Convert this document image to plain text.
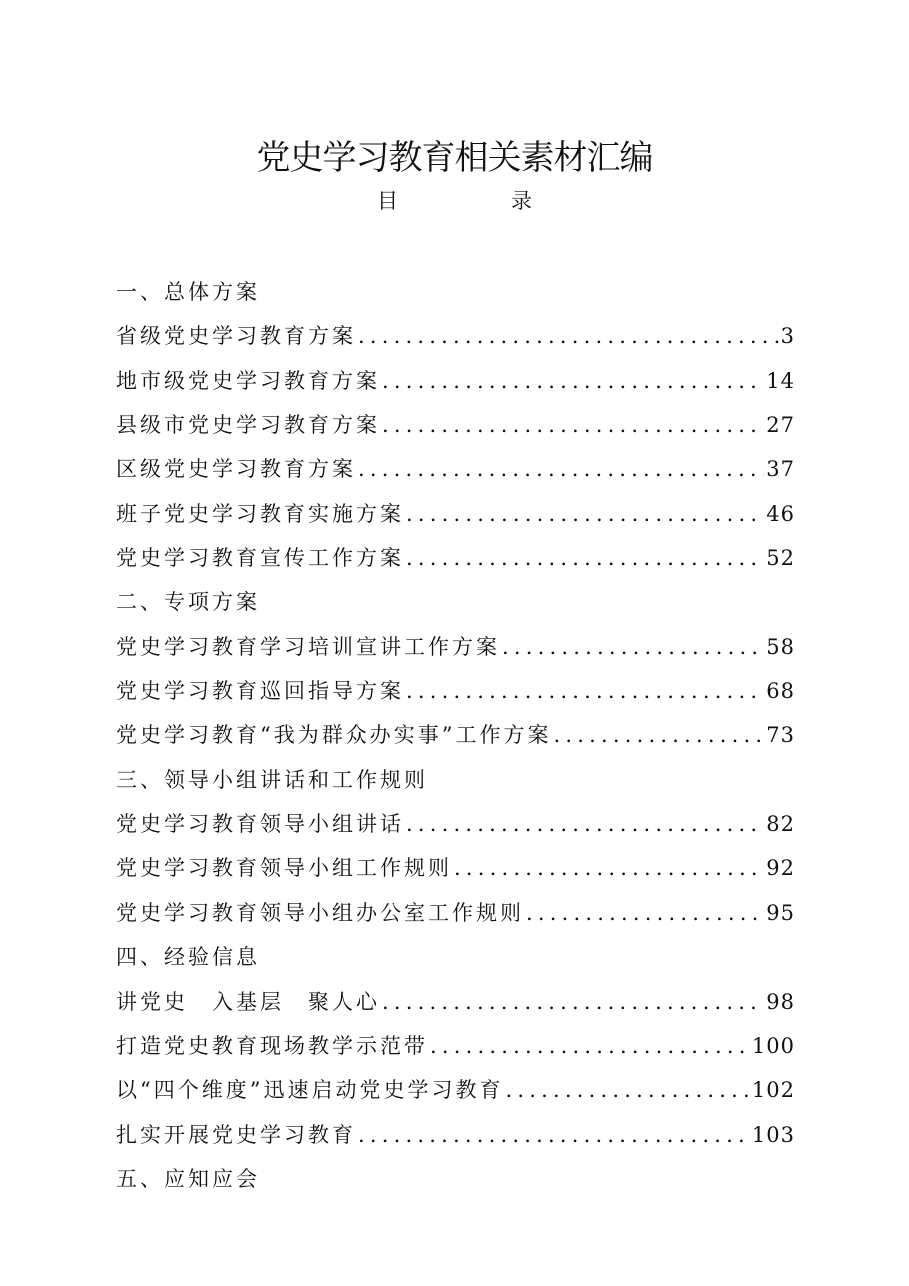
党史学习教育相关素材汇编
目　录
一、总体方案
省级党史学习教育方案 .....	3
地市级党史学习教育方案 .....	14
县级市党史学习教育方案 .....	27
区级党史学习教育方案 .....	37
班子党史学习教育实施方案 .....	46
党史学习教育宣传工作方案 .....	52
二、专项方案
党史学习教育学习培训宣讲工作方案 .....	58
党史学习教育巡回指导方案 .....	68
党史学习教育“我为群众办实事”工作方案 .....	73
三、领导小组讲话和工作规则
党史学习教育领导小组讲话 .....	82
党史学习教育领导小组工作规则 .....	92
党史学习教育领导小组办公室工作规则 .....	95
四、经验信息
讲党史　入基层　聚人心 .....	98
打造党史教育现场教学示范带 .....	100
以“四个维度”迅速启动党史学习教育 .....	102
扎实开展党史学习教育 .....	103
五、应知应会
